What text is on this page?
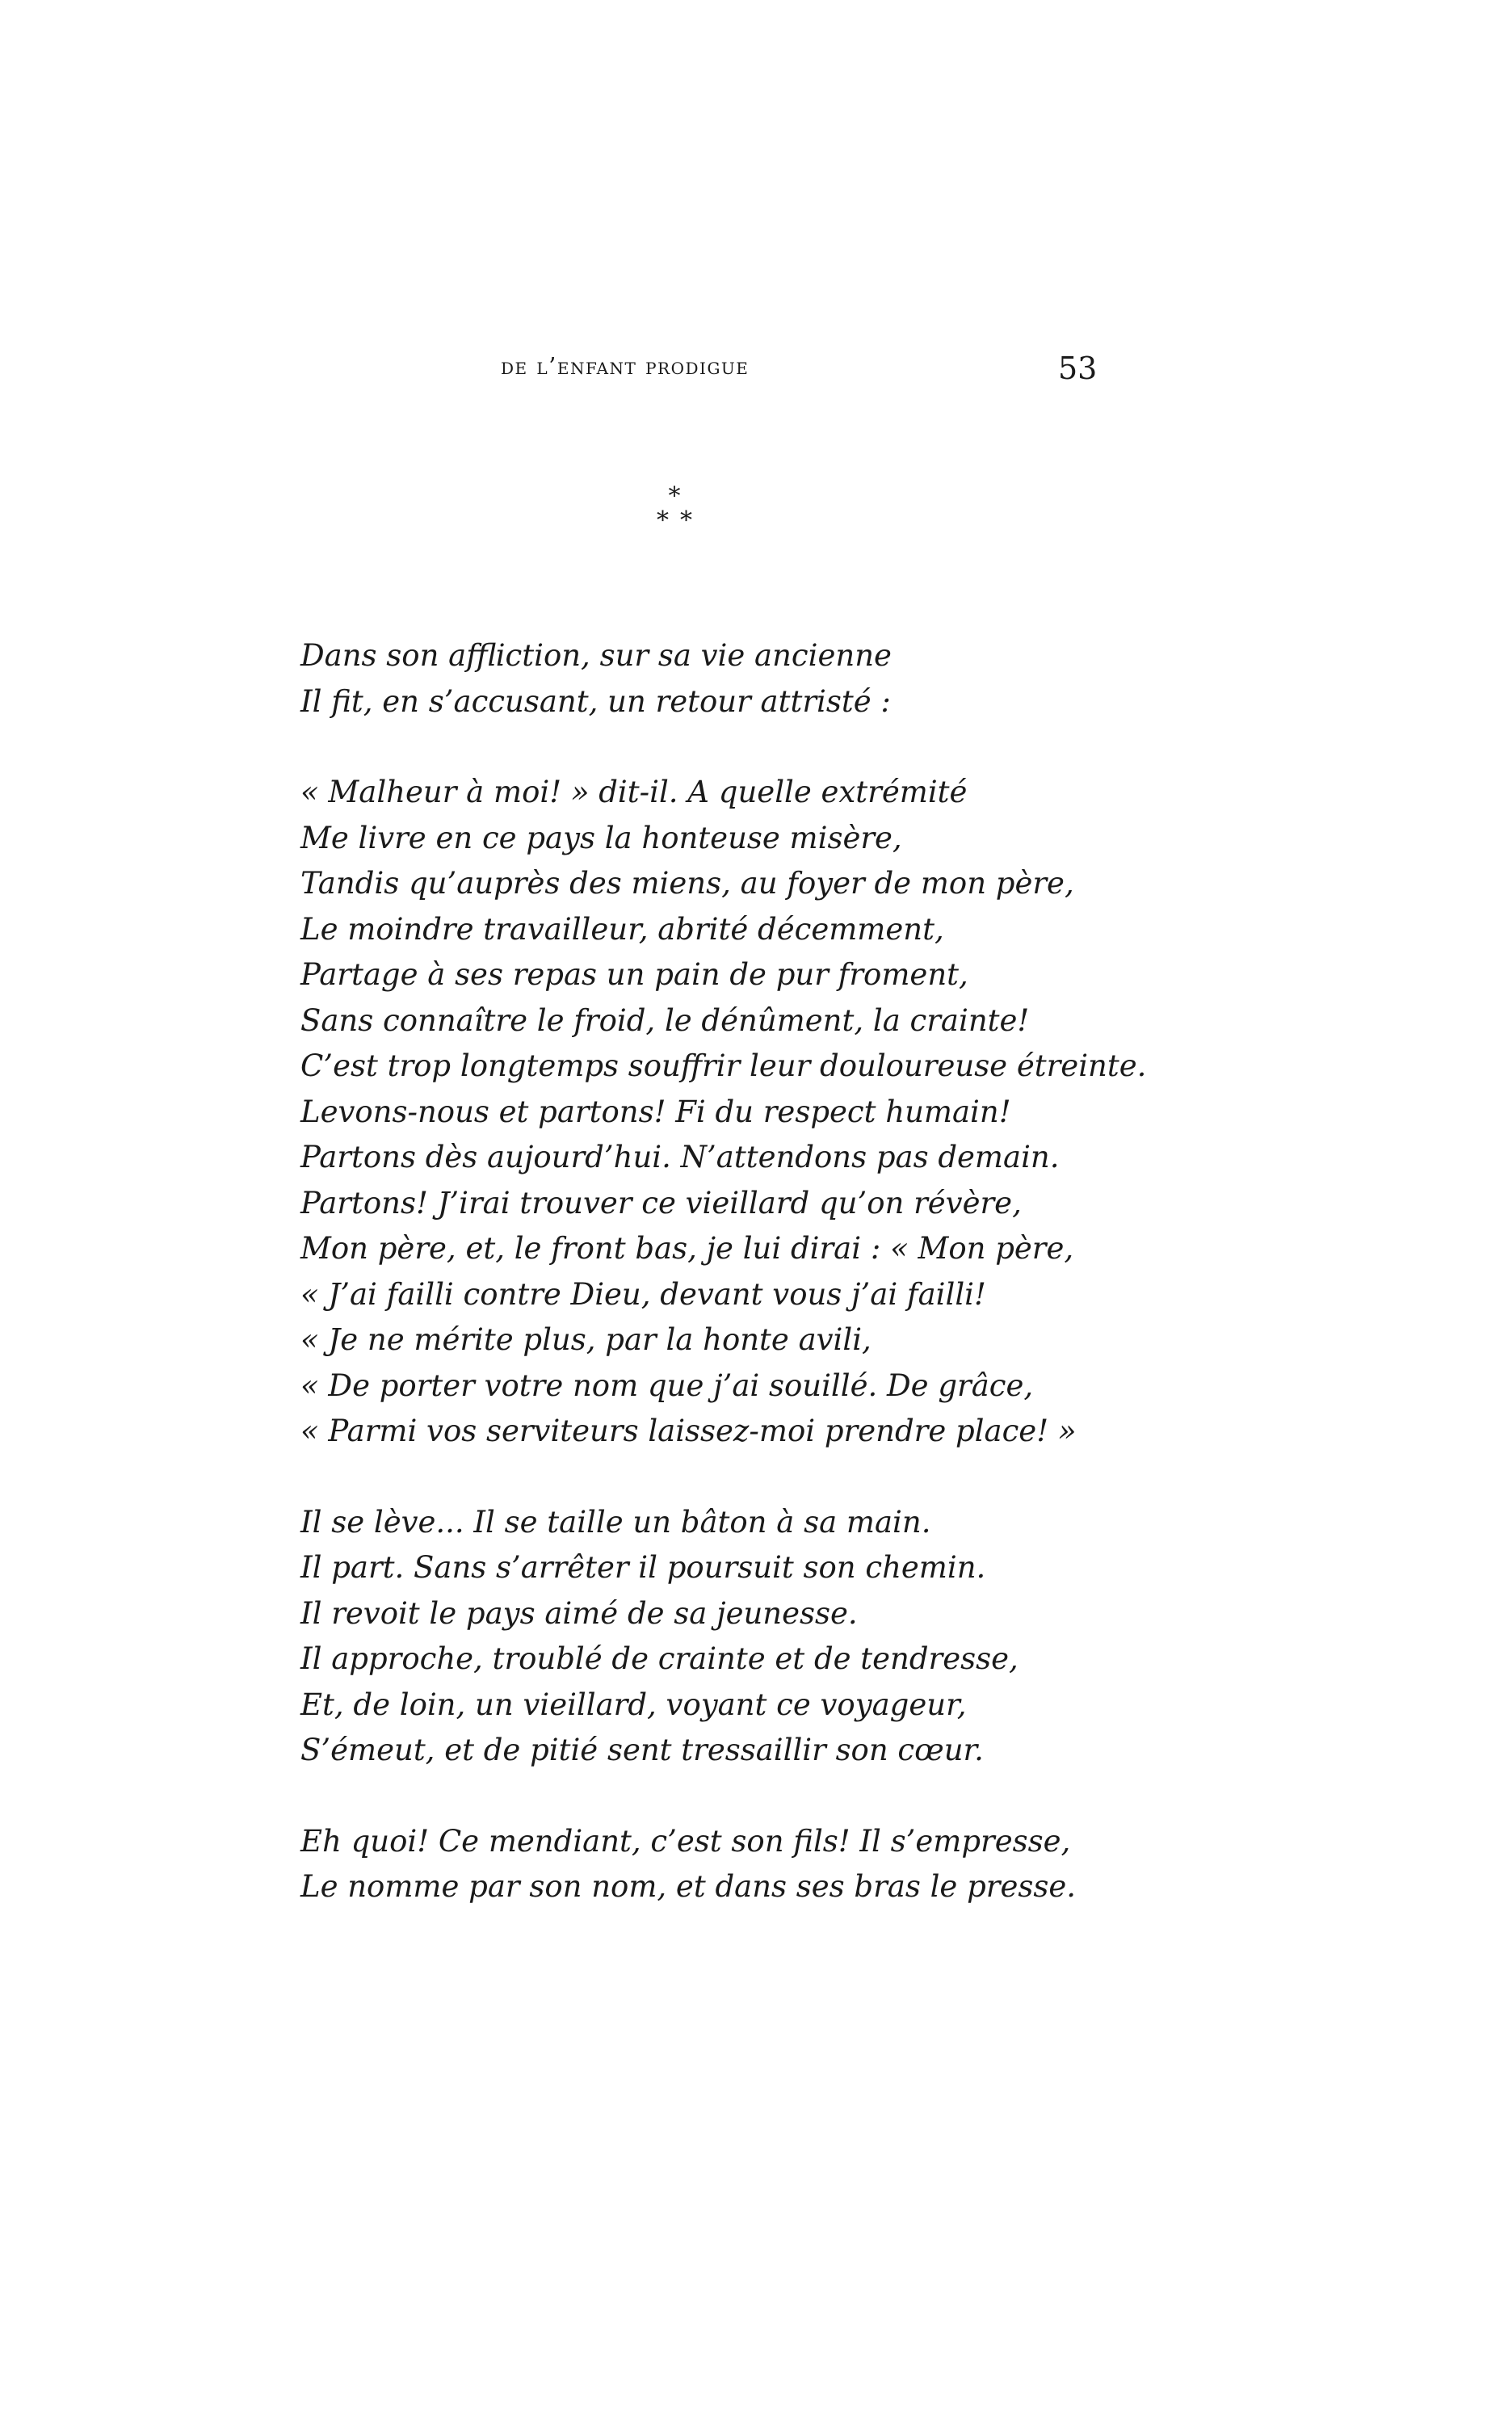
de l’enfant prodigue	53
*
**
Dans son affliction, sur sa vie ancienne
Il fit, en s’accusant, un retour attristé :
« Malheur à moi! » dit-il. A quelle extrémité
Me livre en ce pays la honteuse misère,
Tandis qu’auprès des miens, au foyer de mon père,
Le moindre travailleur, abrité décemment,
Partage à ses repas un pain de pur froment,
Sans connaître le froid, le dénûment, la crainte!
C’est trop longtemps souffrir leur douloureuse étreinte.
Levons-nous et partons! Fi du respect humain!
Partons dès aujourd’hui. N’attendons pas demain.
Partons! J’irai trouver ce vieillard qu’on révère,
Mon père, et, le front bas, je lui dirai : « Mon père,
« J’ai failli contre Dieu, devant vous j’ai failli!
« Je ne mérite plus, par la honte avili,
« De porter votre nom que j’ai souillé. De grâce,
« Parmi vos serviteurs laissez-moi prendre place! »
Il se lève... Il se taille un bâton à sa main.
Il part. Sans s’arrêter il poursuit son chemin.
Il revoit le pays aimé de sa jeunesse.
Il approche, troublé de crainte et de tendresse,
Et, de loin, un vieillard, voyant ce voyageur,
S’émeut, et de pitié sent tressaillir son cœur.
Eh quoi! Ce mendiant, c’est son fils! Il s’empresse,
Le nomme par son nom, et dans ses bras le presse.
